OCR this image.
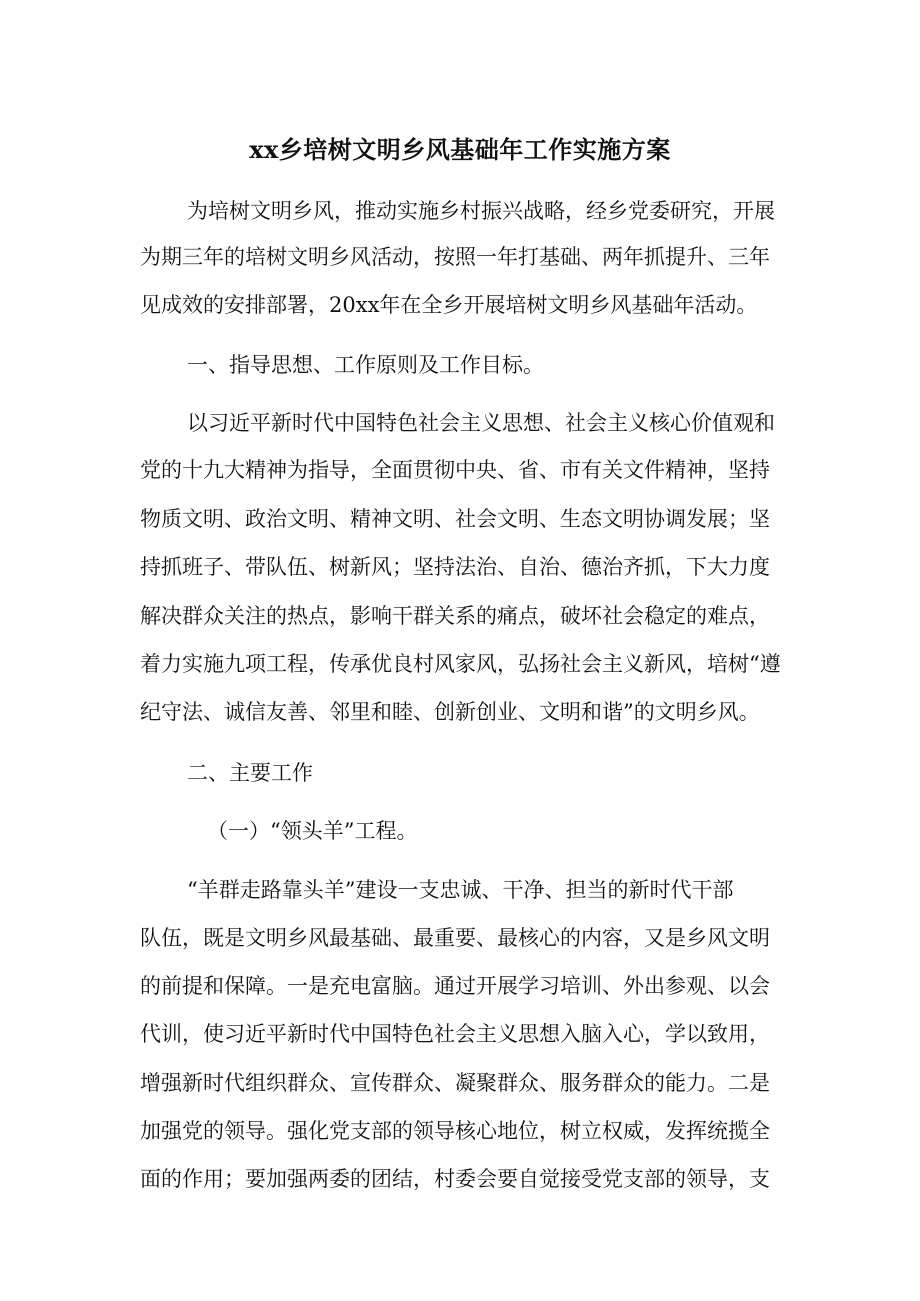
xx乡培树文明乡风基础年工作实施方案
为培树文明乡风，推动实施乡村振兴战略，经乡党委研究，开展
为期三年的培树文明乡风活动，按照一年打基础、两年抓提升、三年
见成效的安排部署，20xx年在全乡开展培树文明乡风基础年活动。
一、指导思想、工作原则及工作目标。
以习近平新时代中国特色社会主义思想、社会主义核心价值观和
党的十九大精神为指导，全面贯彻中央、省、市有关文件精神，坚持
物质文明、政治文明、精神文明、社会文明、生态文明协调发展；坚
持抓班子、带队伍、树新风；坚持法治、自治、德治齐抓，下大力度
解决群众关注的热点，影响干群关系的痛点，破坏社会稳定的难点，
着力实施九项工程，传承优良村风家风，弘扬社会主义新风，培树“遵
纪守法、诚信友善、邻里和睦、创新创业、文明和谐”的文明乡风。
二、主要工作
（一）“领头羊”工程。
“羊群走路靠头羊”建设一支忠诚、干净、担当的新时代干部
队伍，既是文明乡风最基础、最重要、最核心的内容，又是乡风文明
的前提和保障。一是充电富脑。通过开展学习培训、外出参观、以会
代训，使习近平新时代中国特色社会主义思想入脑入心，学以致用，
增强新时代组织群众、宣传群众、凝聚群众、服务群众的能力。二是
加强党的领导。强化党支部的领导核心地位，树立权威，发挥统揽全
面的作用；要加强两委的团结，村委会要自觉接受党支部的领导，支
